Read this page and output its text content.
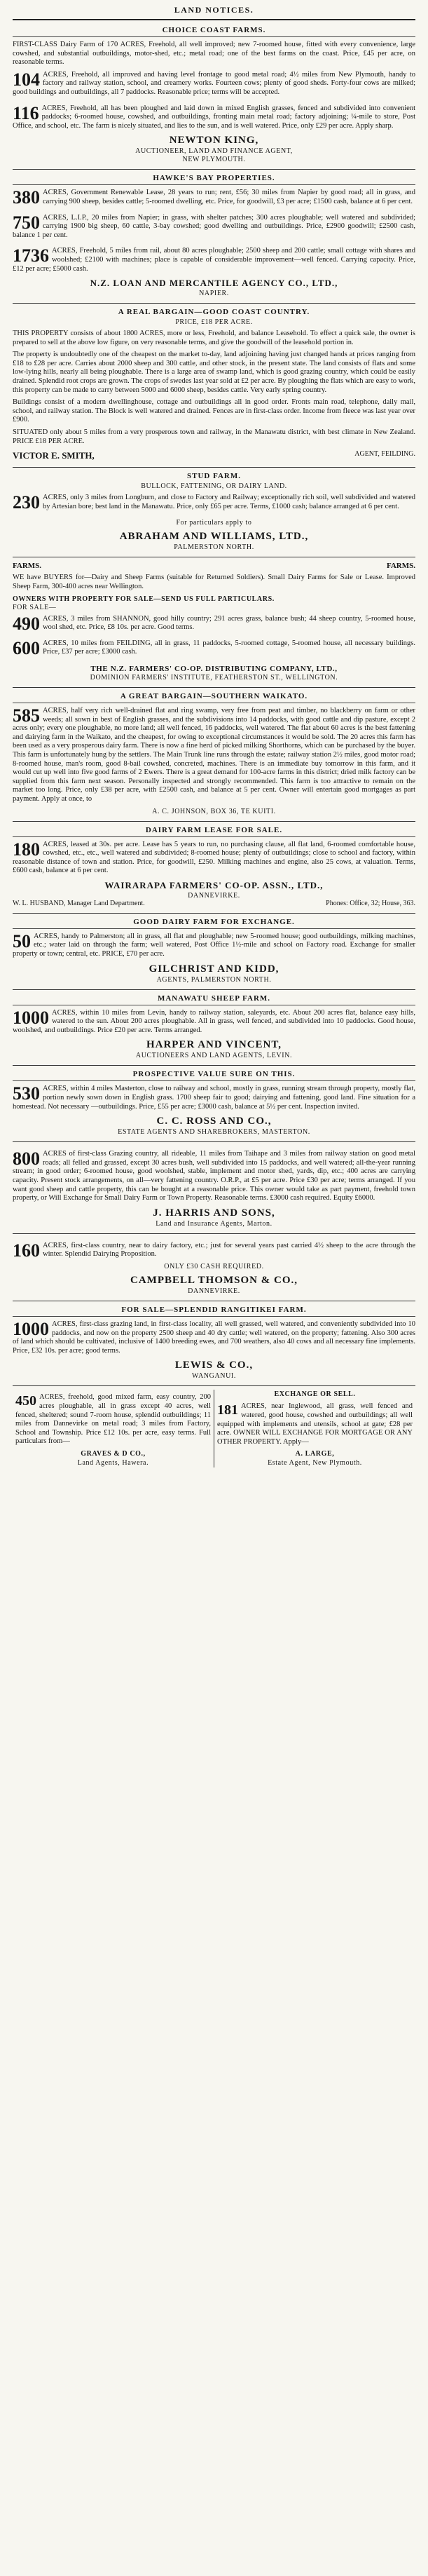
LAND NOTICES.
CHOICE COAST FARMS.

FIRST-CLASS Dairy Farm of 170 ACRES, Freehold, all well improved; new 7-roomed house, fitted with every convenience, large cowshed, and substantial outbuildings, motor-shed, etc.; metal road; one of the best farms on the coast. Price, £45 per acre, on reasonable terms.

104 ACRES, Freehold, all improved and having level frontage to good metal road; 4½ miles from New Plymouth, handy to factory and railway station, school, and creamery works. Fourteen cows; plenty of good sheds. Forty-four cows are milked; good buildings and outbuildings, all 7 paddocks. Reasonable price; terms will be accepted.
116 ACRES, Freehold, all has been ploughed and laid down in mixed English grasses, fenced and subdivided into convenient paddocks; 6-roomed house, cowshed, and outbuildings, fronting main metal road; factory adjoining; ¼-mile to store, Post Office, and school, etc. The farm is nicely situated, and lies to the sun, and is well watered. Price, only £29 per acre. Apply sharp.
NEWTON KING,
AUCTIONEER, LAND AND FINANCE AGENT,
NEW PLYMOUTH.
HAWKE'S BAY PROPERTIES.
380 ACRES, Government Renewable Lease, 28 years to run; rent, £56; 30 miles from Napier by good road; all in grass, and carrying 900 sheep, besides cattle; 5-roomed dwelling, etc. Price, for goodwill, £3 per acre; £1500 cash, balance at 6 per cent.
750 ACRES, L.I.P., 20 miles from Napier; in grass, with shelter patches; 300 acres ploughable; well watered and subdivided; carrying 1900 big sheep, 60 cattle, 3-bay cowshed; good dwelling and outbuildings. Price, £2900 goodwill; £2500 cash, balance 1 per cent.
1736 ACRES, Freehold, 5 miles from rail, about 80 acres ploughable; 2500 sheep and 200 cattle; small cottage with shares and woolshed; £2100 with machines; place is capable of considerable improvement—well fenced. Carrying capacity. Price, £12 per acre; £5000 cash.
N.Z. LOAN AND MERCANTILE AGENCY CO., LTD.,
NAPIER.
A REAL BARGAIN—GOOD COAST COUNTRY.
PRICE, £18 PER ACRE.

THIS PROPERTY consists of about 1800 ACRES, more or less, Freehold, and balance Leasehold. To effect a quick sale, the owner is prepared to sell at the above low figure, on very reasonable terms, and give the goodwill of the leasehold portion in.

The property is undoubtedly one of the cheapest on the market to-day, land adjoining having just changed hands at prices ranging from £18 to £28 per acre. Carries about 2000 sheep and 300 cattle, and other stock, in the present state. The land consists of flats and some low-lying hills, nearly all being ploughable. There is a large area of swamp land, which is good grazing country, which could be easily drained. Splendid root crops are grown. The crops of swedes last year sold at £2 per acre. By ploughing the flats which are easy to work, this property can be made to carry between 5000 and 6000 sheep, besides cattle. Very early spring country.

Buildings consist of a modern dwellinghouse, cottage and outbuildings all in good order. Fronts main road, telephone, daily mail, school, and railway station. The Block is well watered and drained. Fences are in first-class order. Income from fleece was last year over £900.

SITUATED only about 5 miles from a very prosperous town and railway, in the Manawatu district, with best climate in New Zealand. PRICE £18 PER ACRE.

VICTOR E. SMITH,	AGENT, FEILDING.
STUD FARM.
BULLOCK, FATTENING, OR DAIRY LAND.
230 ACRES, only 3 miles from Longburn, and close to Factory and Railway; exceptionally rich soil, well subdivided and watered by Artesian bore; best land in the Manawatu. Price, only £65 per acre. Terms, £1000 cash; balance arranged at 6 per cent.
For particulars apply to
ABRAHAM AND WILLIAMS, LTD.,
PALMERSTON NORTH.
FARMS.	FARMS.

WE have BUYERS for—Dairy and Sheep Farms (suitable for Returned Soldiers). Small Dairy Farms for Sale or Lease. Improved Sheep Farm, 300-400 acres near Wellington.

OWNERS WITH PROPERTY FOR SALE—SEND US FULL PARTICULARS.
FOR SALE—
490 ACRES, 3 miles from SHANNON, good hilly country; 291 acres grass, balance bush; 44 sheep country, 5-roomed house, wool shed, etc. Price, £8 10s. per acre. Good terms.
600 ACRES, 10 miles from FEILDING, all in grass, 11 paddocks, 5-roomed cottage, 5-roomed house, all necessary buildings. Price, £37 per acre; £3000 cash.
THE N.Z. FARMERS' CO-OP. DISTRIBUTING COMPANY, LTD.,
DOMINION FARMERS' INSTITUTE, FEATHERSTON ST., WELLINGTON.
A GREAT BARGAIN—SOUTHERN WAIKATO.
585 ACRES, half very rich well-drained flat and ring swamp, very free from peat and timber, no blackberry on farm or other weeds; all sown in best of English grasses, and the subdivisions into 14 paddocks, with good cattle and dip pasture, except 2 acres only; every one ploughable, no more land; all well fenced, 16 paddocks, well watered. The flat about 60 acres is the best fattening and dairying farm in the Waikato, and the cheapest, for owing to exceptional circumstances it would be sold. The 20 acres this farm has been used as a very prosperous dairy farm. There is now a fine herd of picked milking Shorthorns, which can be purchased by the buyer. This farm is unfortunately hung by the settlers. The Main Trunk line runs through the estate; railway station 2½ miles, good motor road; 8-roomed house, man's room, good 8-bail cowshed, concreted, machines. There is an immediate buy tomorrow in this farm, and it would cut up well into five good farms of 2 Ewers. There is a great demand for 100-acre farms in this district; dried milk factory can be supplied from this farm next season. Personally inspected and strongly recommended. This farm is too attractive to remain on the market too long. Price, only £38 per acre, with £2500 cash, and balance at 5 per cent. Owner will entertain good mortgages as part payment. Apply at once, to
A. C. JOHNSON, BOX 36, TE KUITI.
DAIRY FARM LEASE FOR SALE.
180 ACRES, leased at 30s. per acre. Lease has 5 years to run, no purchasing clause, all flat land, 6-roomed comfortable house, cowshed, etc., etc., well watered and subdivided; 8-roomed house; plenty of outbuildings; close to school and factory, within reasonable distance of town and station. Price, for goodwill, £250. Milking machines and engine, also 25 cows, at valuation. Terms, £600 cash, balance at 6 per cent.
WAIRARAPA FARMERS' CO-OP. ASSN., LTD.,
DANNEVIRKE.
W. L. HUSBAND, Manager Land Department.	Phones: Office, 32; House, 363.
GOOD DAIRY FARM FOR EXCHANGE.
50 ACRES, handy to Palmerston; all in grass, all flat and ploughable; new 5-roomed house; good outbuildings, milking machines, etc.; water laid on through the farm; well watered, Post Office 1½-mile and school on Factory road. Exchange for smaller property or town; central, etc. PRICE, £70 per acre.
GILCHRIST AND KIDD,
AGENTS, PALMERSTON NORTH.
MANAWATU SHEEP FARM.
1000 ACRES, within 10 miles from Levin, handy to railway station, saleyards, etc. About 200 acres flat, balance easy hills, watered to the sun. About 200 acres ploughable. All in grass, well fenced, and subdivided into 10 paddocks. Good house, woolshed, and outbuildings. Price £20 per acre. Terms arranged.
HARPER AND VINCENT,
AUCTIONEERS AND LAND AGENTS, LEVIN.
PROSPECTIVE VALUE SURE ON THIS.
530 ACRES, within 4 miles Masterton, close to railway and school, mostly in grass, running stream through property, mostly flat, portion newly sown down in English grass. 1700 sheep fair to good; dairying and fattening, good land. Fine situation for a homestead. Not necessary —outbuildings. Price, £55 per acre; £3000 cash, balance at 5½ per cent. Inspection invited.
C. C. ROSS AND CO.,
ESTATE AGENTS AND SHAREBROKERS, MASTERTON.
800 ACRES of first-class Grazing country, all rideable, 11 miles from Taihape and 3 miles from railway station on good metal roads; all felled and grassed, except 30 acres bush, well subdivided into 15 paddocks, and well watered; all-the-year running stream; in good order; 6-roomed house, good woolshed, stable, implement and motor shed, yards, dip, etc.; 400 acres are carrying capacity. Present stock arrangements, on all—very fattening country. O.R.P., at £5 per acre. Price £30 per acre; terms arranged. If you want good sheep and cattle property, this can be bought at a reasonable price. This owner would take as part payment, freehold town property, or Will Exchange for Small Dairy Farm or Town Property. Reasonable terms. £3000 cash required. Equity £6000.
J. HARRIS AND SONS,
Land and Insurance Agents, Marton.
160 ACRES, first-class country, near to dairy factory, etc.; just for several years past carried 4½ sheep to the acre through the winter. Splendid Dairying Proposition.
ONLY £30 CASH REQUIRED.
CAMPBELL THOMSON & CO.,
DANNEVIRKE.
FOR SALE—SPLENDID RANGITIKEI FARM.
1000 ACRES, first-class grazing land, in first-class locality, all well grassed, well watered, and conveniently subdivided into 10 paddocks, and now on the property 2500 sheep and 40 dry cattle; well watered, on the property; fattening. Also 300 acres of land which should be cultivated, inclusive of 1400 breeding ewes, and 700 weathers, also 40 cows and all necessary fine implements. Price, £32 10s. per acre; good terms.
LEWIS & CO.,
WANGANUI.
450 ACRES, freehold, good mixed farm, easy country, 200 acres ploughable, all in grass except 40 acres, well fenced, sheltered; sound 7-room house, splendid outbuildings; 11 miles from Dannevirke on metal road; 3 miles from Factory, School and Township. Price £12 10s. per acre, easy terms. Full particulars from—
GRAVES & D CO.,
Land Agents, Hawera.
EXCHANGE OR SELL.
181 ACRES, near Inglewood, all grass, well fenced and watered, good house, cowshed and outbuildings; all well equipped with implements and utensils, school at gate; £28 per acre. OWNER WILL EXCHANGE FOR MORTGAGE OR ANY OTHER PROPERTY. Apply—
A. LARGE,
Estate Agent, New Plymouth.
